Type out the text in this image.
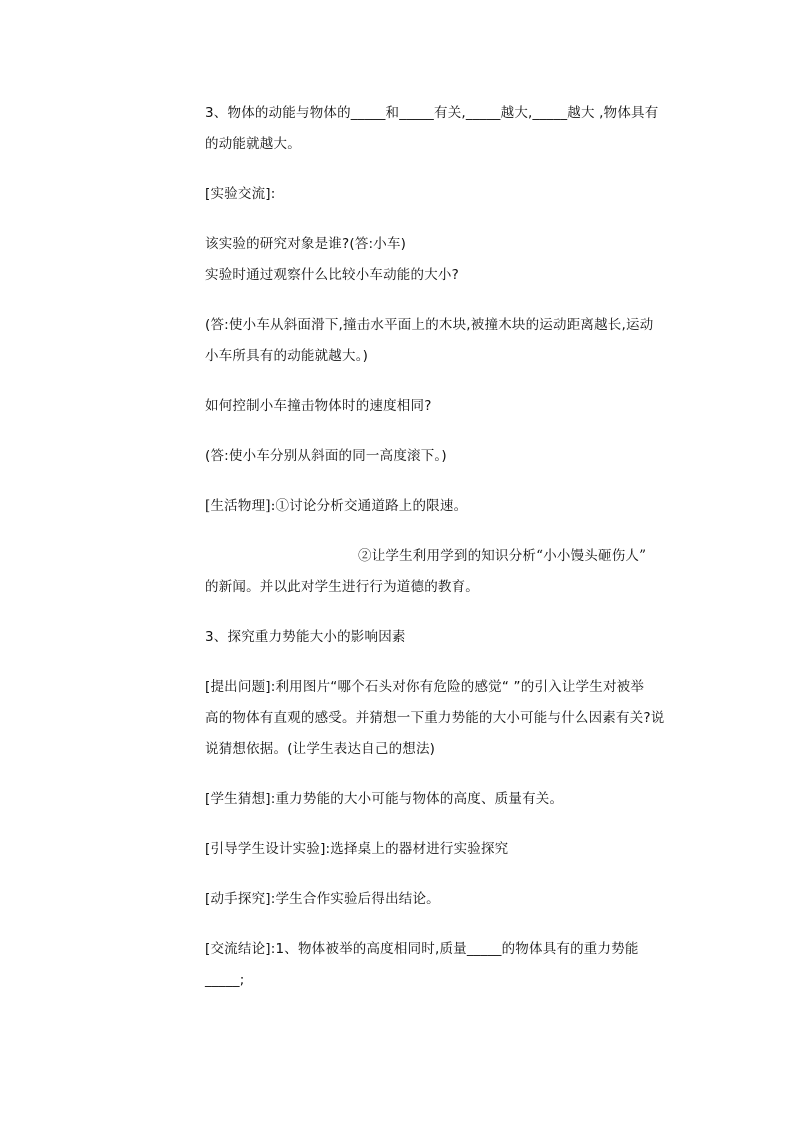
3、物体的动能与物体的_____和_____有关,_____越大,_____越大 ,物体具有
的动能就越大。
[实验交流]:
该实验的研究对象是谁?(答:小车)
实验时通过观察什么比较小车动能的大小?
(答:使小车从斜面滑下,撞击水平面上的木块,被撞木块的运动距离越长,运动
小车所具有的动能就越大。)
如何控制小车撞击物体时的速度相同?
(答:使小车分别从斜面的同一高度滚下。)
[生活物理]:①讨论分析交通道路上的限速。
②让学生利用学到的知识分析“小小馒头砸伤人”
的新闻。并以此对学生进行行为道德的教育。
3、探究重力势能大小的影响因素
[提出问题]:利用图片“哪个石头对你有危险的感觉“ ”的引入让学生对被举
高的物体有直观的感受。并猜想一下重力势能的大小可能与什么因素有关?说
说猜想依据。(让学生表达自己的想法)
[学生猜想]:重力势能的大小可能与物体的高度、质量有关。
[引导学生设计实验]:选择桌上的器材进行实验探究
[动手探究]:学生合作实验后得出结论。
[交流结论]:1、物体被举的高度相同时,质量_____的物体具有的重力势能
_____;
